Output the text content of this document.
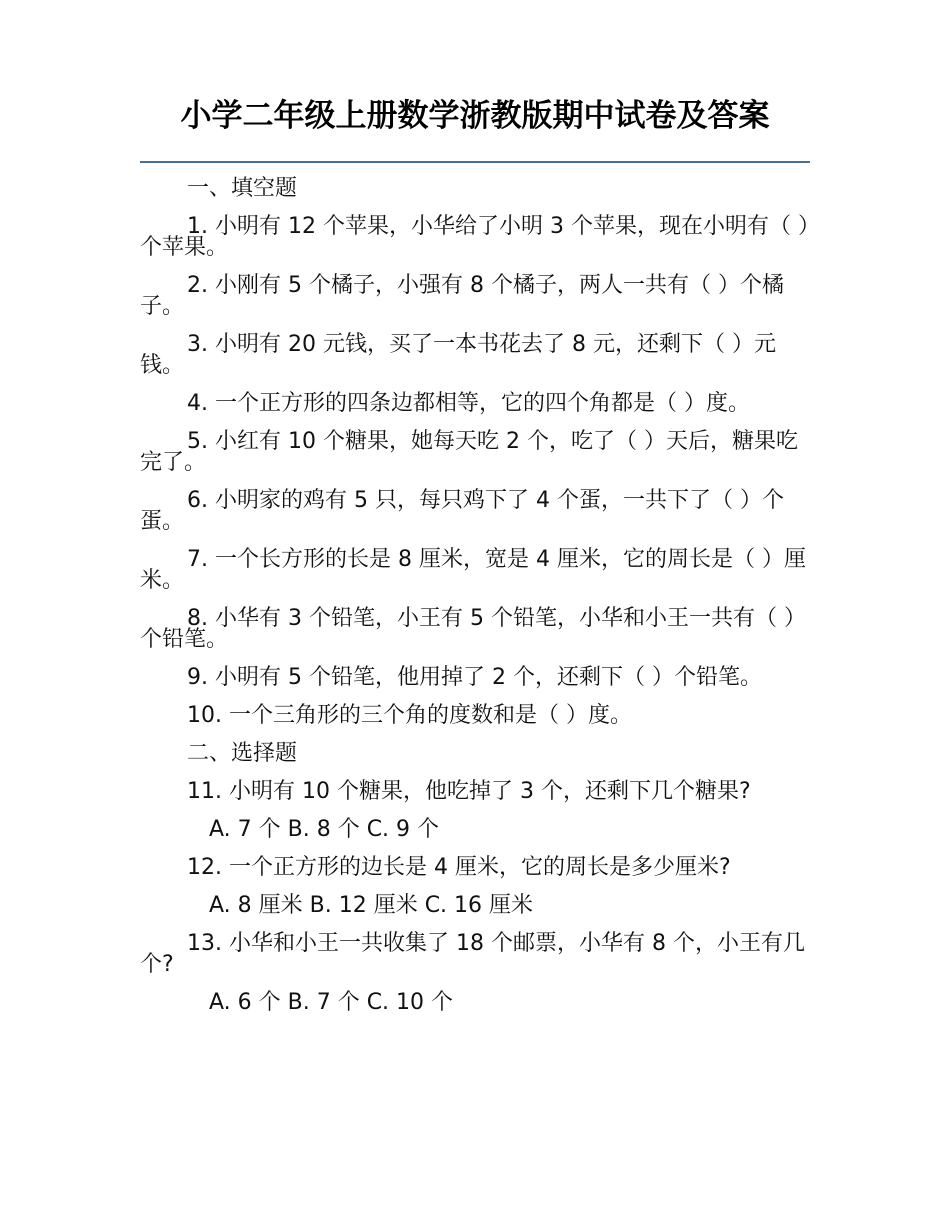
小学二年级上册数学浙教版期中试卷及答案
一、填空题
1. 小明有 12 个苹果，小华给了小明 3 个苹果，现在小明有（ ）个苹果。
2. 小刚有 5 个橘子，小强有 8 个橘子，两人一共有（ ）个橘子。
3. 小明有 20 元钱，买了一本书花去了 8 元，还剩下（ ）元钱。
4. 一个正方形的四条边都相等，它的四个角都是（ ）度。
5. 小红有 10 个糖果，她每天吃 2 个，吃了（ ）天后，糖果吃完了。
6. 小明家的鸡有 5 只，每只鸡下了 4 个蛋，一共下了（ ）个蛋。
7. 一个长方形的长是 8 厘米，宽是 4 厘米，它的周长是（ ）厘米。
8. 小华有 3 个铅笔，小王有 5 个铅笔，小华和小王一共有（ ）个铅笔。
9. 小明有 5 个铅笔，他用掉了 2 个，还剩下（ ）个铅笔。
10. 一个三角形的三个角的度数和是（ ）度。
二、选择题
11. 小明有 10 个糖果，他吃掉了 3 个，还剩下几个糖果?
A. 7 个 B. 8 个 C. 9 个
12. 一个正方形的边长是 4 厘米，它的周长是多少厘米?
A. 8 厘米 B. 12 厘米 C. 16 厘米
13. 小华和小王一共收集了 18 个邮票，小华有 8 个，小王有几个?
A. 6 个 B. 7 个 C. 10 个
